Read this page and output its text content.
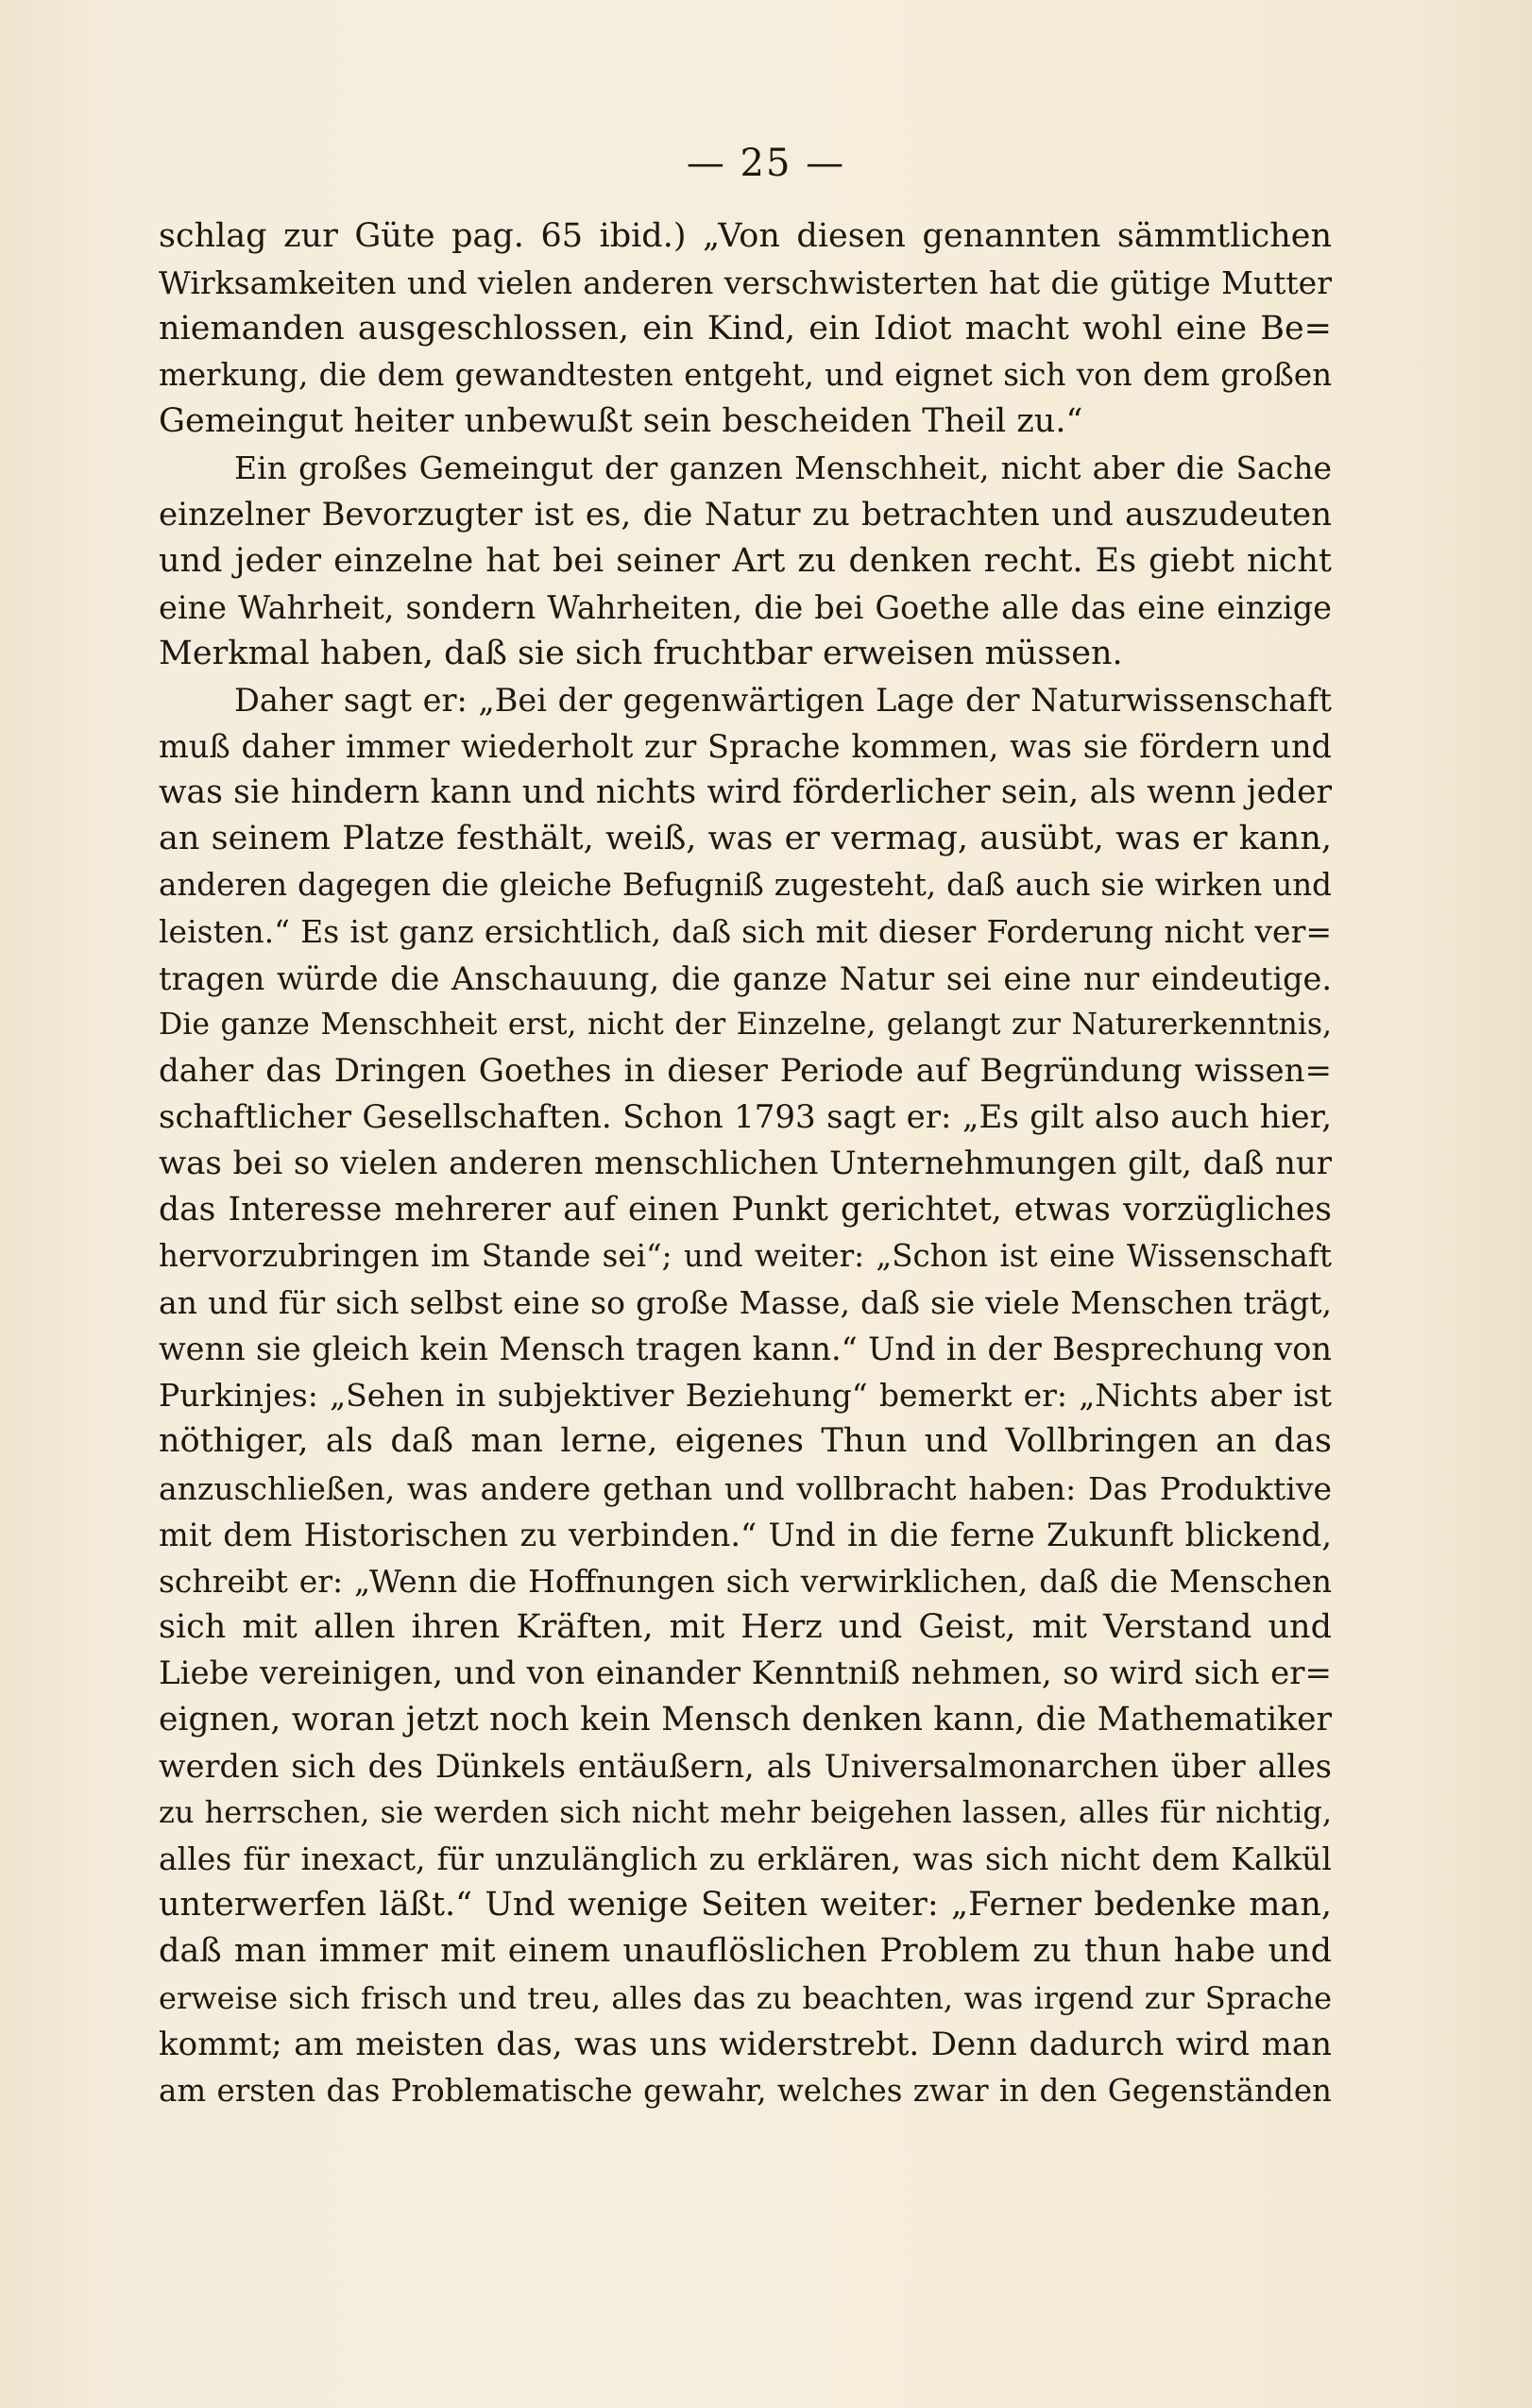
— 25 —
schlag zur Güte pag. 65 ibid.) „Von diesen genannten sämmtlichen
Wirksamkeiten und vielen anderen verschwisterten hat die gütige Mutter
niemanden ausgeschlossen, ein Kind, ein Idiot macht wohl eine Be=
merkung, die dem gewandtesten entgeht, und eignet sich von dem großen
Gemeingut heiter unbewußt sein bescheiden Theil zu.“
Ein großes Gemeingut der ganzen Menschheit, nicht aber die Sache
einzelner Bevorzugter ist es, die Natur zu betrachten und auszudeuten
und jeder einzelne hat bei seiner Art zu denken recht. Es giebt nicht
eine Wahrheit, sondern Wahrheiten, die bei Goethe alle das eine einzige
Merkmal haben, daß sie sich fruchtbar erweisen müssen.
Daher sagt er: „Bei der gegenwärtigen Lage der Naturwissenschaft
muß daher immer wiederholt zur Sprache kommen, was sie fördern und
was sie hindern kann und nichts wird förderlicher sein, als wenn jeder
an seinem Platze festhält, weiß, was er vermag, ausübt, was er kann,
anderen dagegen die gleiche Befugniß zugesteht, daß auch sie wirken und
leisten.“ Es ist ganz ersichtlich, daß sich mit dieser Forderung nicht ver=
tragen würde die Anschauung, die ganze Natur sei eine nur eindeutige.
Die ganze Menschheit erst, nicht der Einzelne, gelangt zur Naturerkenntnis,
daher das Dringen Goethes in dieser Periode auf Begründung wissen=
schaftlicher Gesellschaften. Schon 1793 sagt er: „Es gilt also auch hier,
was bei so vielen anderen menschlichen Unternehmungen gilt, daß nur
das Interesse mehrerer auf einen Punkt gerichtet, etwas vorzügliches
hervorzubringen im Stande sei“; und weiter: „Schon ist eine Wissenschaft
an und für sich selbst eine so große Masse, daß sie viele Menschen trägt,
wenn sie gleich kein Mensch tragen kann.“ Und in der Besprechung von
Purkinjes: „Sehen in subjektiver Beziehung“ bemerkt er: „Nichts aber ist
nöthiger, als daß man lerne, eigenes Thun und Vollbringen an das
anzuschließen, was andere gethan und vollbracht haben: Das Produktive
mit dem Historischen zu verbinden.“ Und in die ferne Zukunft blickend,
schreibt er: „Wenn die Hoffnungen sich verwirklichen, daß die Menschen
sich mit allen ihren Kräften, mit Herz und Geist, mit Verstand und
Liebe vereinigen, und von einander Kenntniß nehmen, so wird sich er=
eignen, woran jetzt noch kein Mensch denken kann, die Mathematiker
werden sich des Dünkels entäußern, als Universalmonarchen über alles
zu herrschen, sie werden sich nicht mehr beigehen lassen, alles für nichtig,
alles für inexact, für unzulänglich zu erklären, was sich nicht dem Kalkül
unterwerfen läßt.“ Und wenige Seiten weiter: „Ferner bedenke man,
daß man immer mit einem unauflöslichen Problem zu thun habe und
erweise sich frisch und treu, alles das zu beachten, was irgend zur Sprache
kommt; am meisten das, was uns widerstrebt. Denn dadurch wird man
am ersten das Problematische gewahr, welches zwar in den Gegenständen
